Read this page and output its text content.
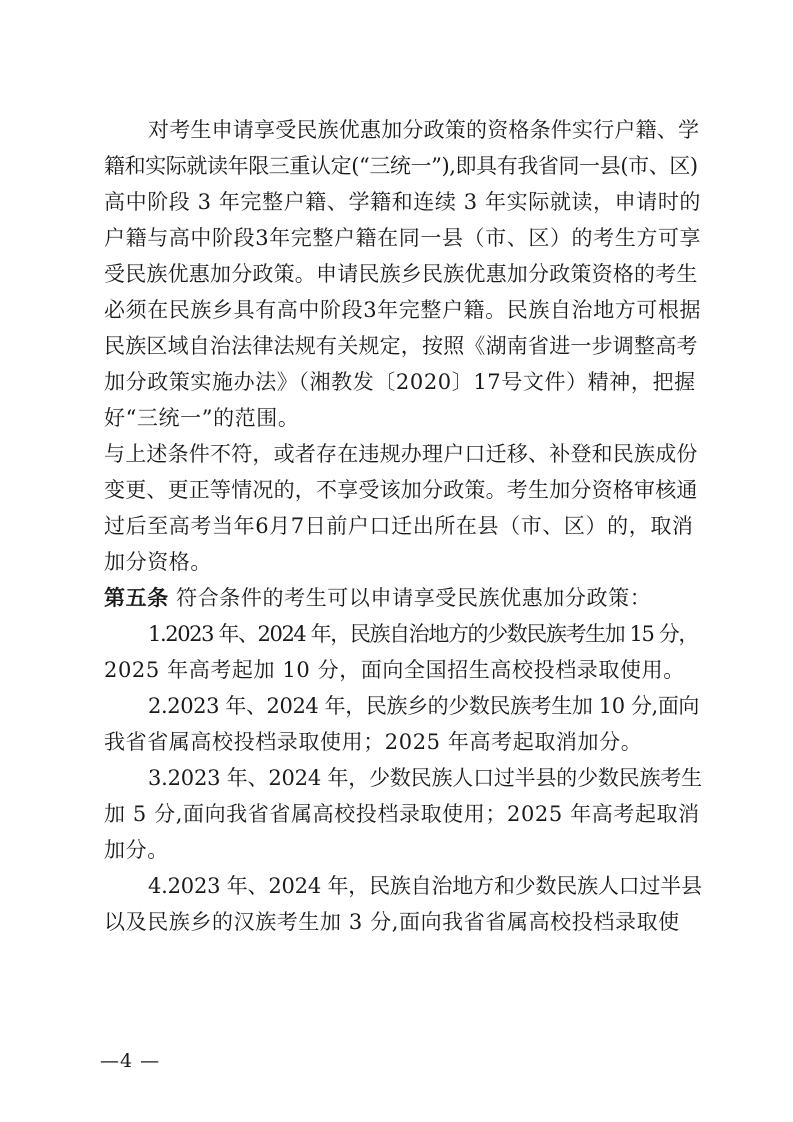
对考生申请享受民族优惠加分政策的资格条件实行户籍、学
籍和实际就读年限三重认定(“三统一”),即具有我省同一县(市、区)
高中阶段 3 年完整户籍、学籍和连续 3 年实际就读，申请时的
户籍与高中阶段3年完整户籍在同一县（市、区）的考生方可享
受民族优惠加分政策。申请民族乡民族优惠加分政策资格的考生
必须在民族乡具有高中阶段3年完整户籍。民族自治地方可根据
民族区域自治法律法规有关规定，按照《湖南省进一步调整高考
加分政策实施办法》（湘教发〔2020〕17号文件）精神，把握
好“三统一”的范围。
与上述条件不符，或者存在违规办理户口迁移、补登和民族成份
变更、更正等情况的，不享受该加分政策。考生加分资格审核通
过后至高考当年6月7日前户口迁出所在县（市、区）的，取消
加分资格。
第五条 符合条件的考生可以申请享受民族优惠加分政策：
1.2023 年、2024 年，民族自治地方的少数民族考生加 15 分，
2025 年高考起加 10 分，面向全国招生高校投档录取使用。
2.2023 年、2024 年，民族乡的少数民族考生加 10 分,面向
我省省属高校投档录取使用；2025 年高考起取消加分。
3.2023 年、2024 年，少数民族人口过半县的少数民族考生
加 5 分,面向我省省属高校投档录取使用；2025 年高考起取消
加分。
4.2023 年、2024 年，民族自治地方和少数民族人口过半县
以及民族乡的汉族考生加 3 分,面向我省省属高校投档录取使
—4 —
